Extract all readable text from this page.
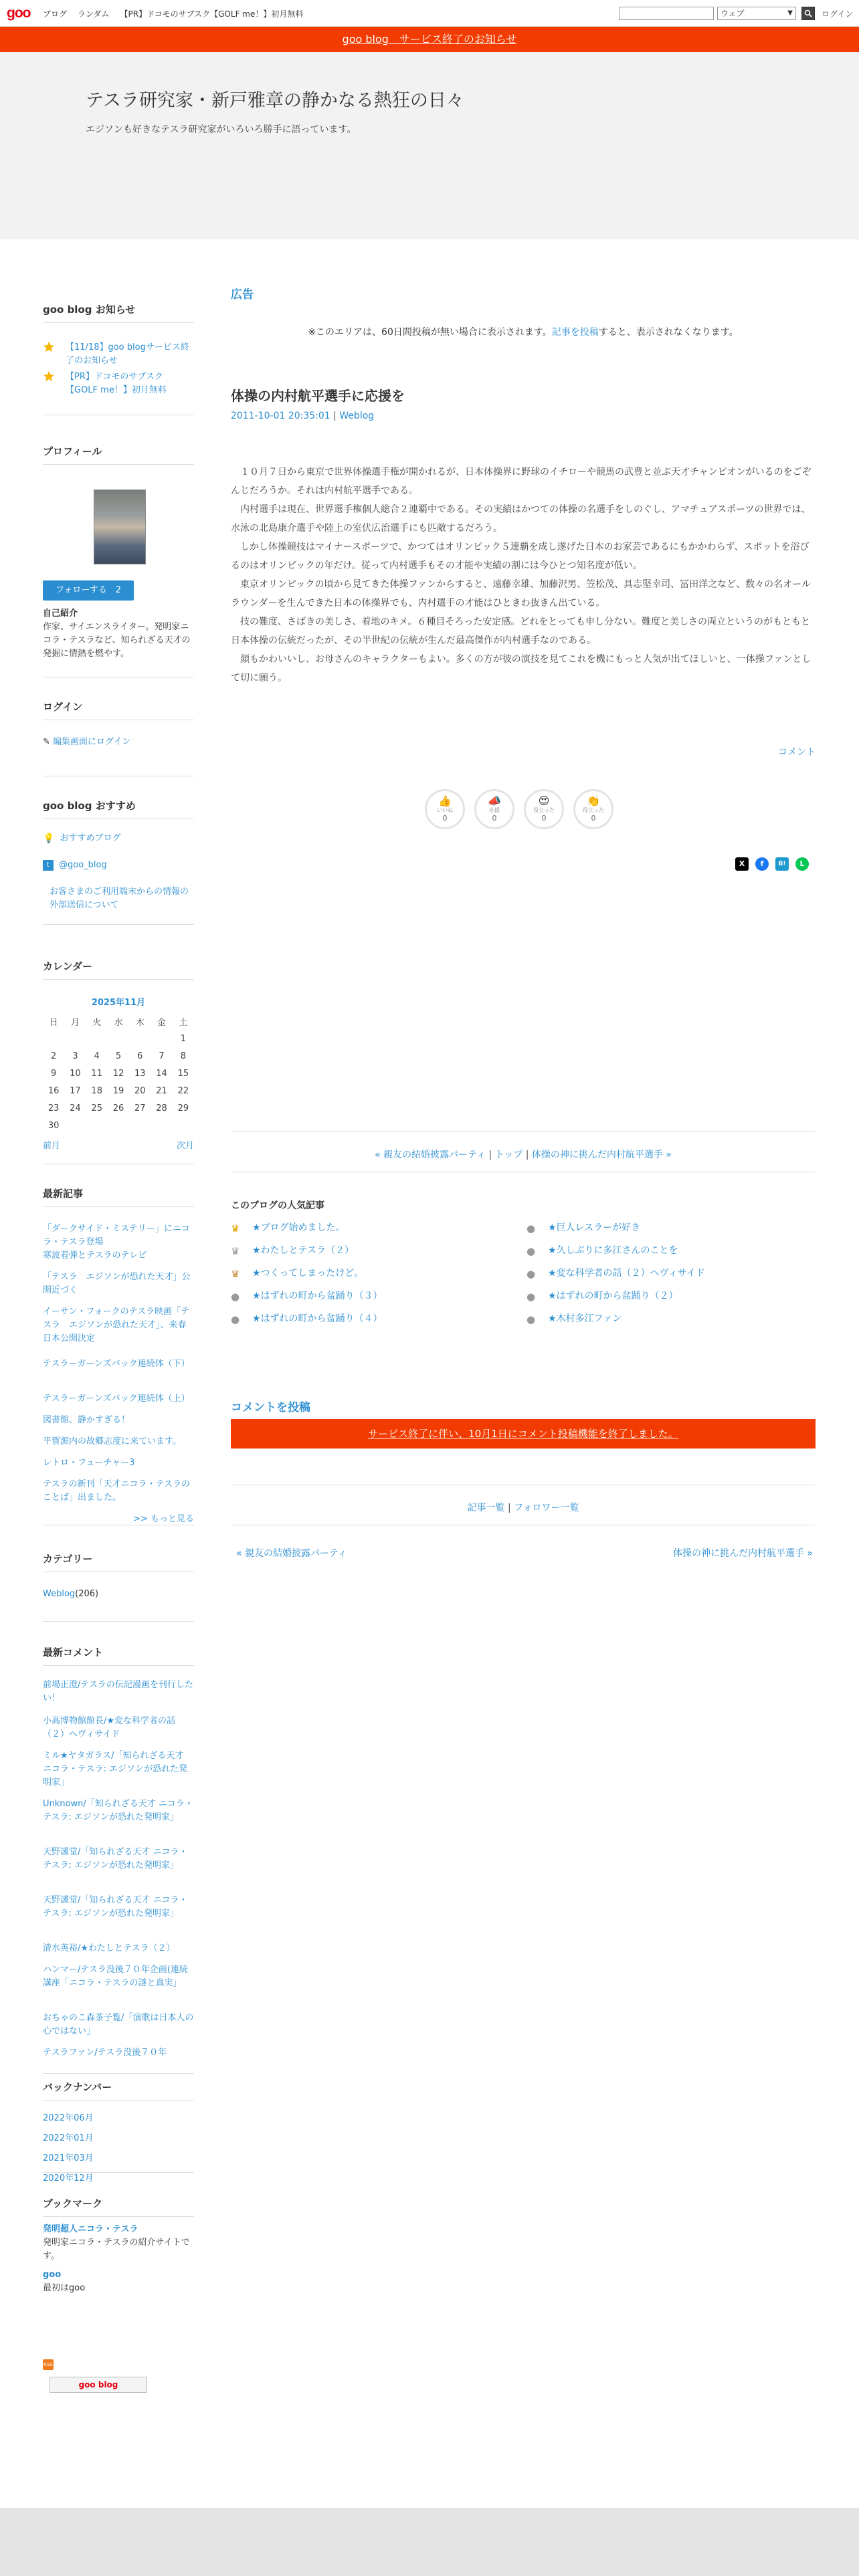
goo ブログ ランダム 【PR】ドコモのサブスク【GOLF me！】初月無料	ウェブ	▼	ログイン
goo blog　サービス終了のお知らせ
テスラ研究家・新戸雅章の静かなる熱狂の日々

エジソンも好きなテスラ研究家がいろいろ勝手に語っています。

goo blog お知らせ
【11/18】goo blogサービス終了のお知らせ
【PR】ドコモのサブスク【GOLF me！】初月無料
プロフィール
フォローする　 2
自己紹介
作家、サイエンスライター。発明家ニコラ・テスラなど、知られざる天才の発掘に情熱を燃やす。
ログイン
✎ 編集画面にログイン
goo blog おすすめ
💡 おすすめブログ
t	@goo_blog
お客さまのご利用端末からの情報の外部送信について
カレンダー
2025年11月
日	月	火	水	木	金	土
						1
2	3	4	5	6	7	8
9	10	11	12	13	14	15
16	17	18	19	20	21	22
23	24	25	26	27	28	29
30						
前月	次月
最新記事
「ダークサイド・ミステリー」にニコラ・テスラ登場
寒波着弾とテスラのテレビ
「テスラ　エジソンが恐れた天才」公開近づく
イーサン・フォークのテスラ映画「テスラ　エジソンが恐れた天才」、来春日本公開決定
テスラーガーンズバック連続体（下）
テスラーガーンズバック連続体（上）
図書館、静かすぎる！
平賀源内の故郷志度に来ています。
レトロ・フューチャー3
テスラの新刊「天才ニコラ・テスラのことば」出ました。
>> もっと見る
カテゴリー
Weblog(206)
最新コメント
前場正澄/テスラの伝記漫画を刊行したい！
小高博物館館長/★変な科学者の話（２）ヘヴィサイド
ミル★ヤタガラス/「知られざる天才 ニコラ・テスラ: エジソンが恐れた発明家」
Unknown/「知られざる天才 ニコラ・テスラ: エジソンが恐れた発明家」
天野謹堂/「知られざる天才 ニコラ・テスラ: エジソンが恐れた発明家」
天野謹堂/「知られざる天才 ニコラ・テスラ: エジソンが恐れた発明家」
清水英裕/★わたしとテスラ（２）
ハンマー/テスラ没後７０年企画(連続講座「ニコラ・テスラの謎と真実」
おちゃのこ森茶子覧/「演歌は日本人の心ではない」
テスラファン/テスラ没後７０年
バックナンバー
2022年06月
2022年01月
2021年03月
2020年12月
ブックマーク
発明超人ニコラ・テスラ
発明家ニコラ・テスラの紹介サイトです。
goo
最初はgoo
RSS
goo blog
広告
※このエリアは、60日間投稿が無い場合に表示されます。記事を投稿すると、表示されなくなります。
体操の内村航平選手に応援を
2011-10-01 20:35:01 | Weblog

　１０月７日から東京で世界体操選手権が開かれるが、日本体操界に野球のイチローや競馬の武豊と並ぶ天才チャンピオンがいるのをごぞんじだろうか。それは内村航平選手である。

　内村選手は現在、世界選手権個人総合２連覇中である。その実績はかつての体操の名選手をしのぐし、アマチュアスポーツの世界では、水泳の北島康介選手や陸上の室伏広治選手にも匹敵するだろう。

　しかし体操競技はマイナースポーツで、かつてはオリンピック５連覇を成し遂げた日本のお家芸であるにもかかわらず、スポットを浴びるのはオリンピックの年だけ。従って内村選手もその才能や実績の割には今ひとつ知名度が低い。

　東京オリンピックの頃から見てきた体操ファンからすると、遠藤幸雄、加藤沢男、笠松茂、具志堅幸司、冨田洋之など、数々の名オールラウンダーを生んできた日本の体操界でも、内村選手の才能はひときわ抜きん出ている。

　技の難度、さばきの美しさ、着地のキメ。６種目そろった安定感。どれをとっても申し分ない。難度と美しさの両立というのがもともと日本体操の伝統だったが、その半世紀の伝統が生んだ最高傑作が内村選手なのである。

　顔もかわいいし、お母さんのキャラクターもよい。多くの方が彼の演技を見てこれを機にもっと人気が出てほしいと、一体操ファンとして切に願う。

コメント
👍
いいね
0
📣
応援
0
😍
役立った
0
👏
役立った
0
X	f	B!	L
« 親友の結婚披露パーティ | トップ | 体操の神に挑んだ内村航平選手 »
このブログの人気記事
♛ ★ブログ始めました。
♛ ★わたしとテスラ（２）
♛ ★つくってしまったけど。
● ★はずれの町から盆踊り（３）
● ★はずれの町から盆踊り（４）
● ★巨人レスラーが好き
● ★久しぶりに多江さんのことを
● ★変な科学者の話（２）ヘヴィサイド
● ★はずれの町から盆踊り（２）
● ★木村多江ファン
コメントを投稿
サービス終了に伴い、10月1日にコメント投稿機能を終了しました。
記事一覧 | フォロワー一覧
« 親友の結婚披露パーティ	体操の神に挑んだ内村航平選手 »
